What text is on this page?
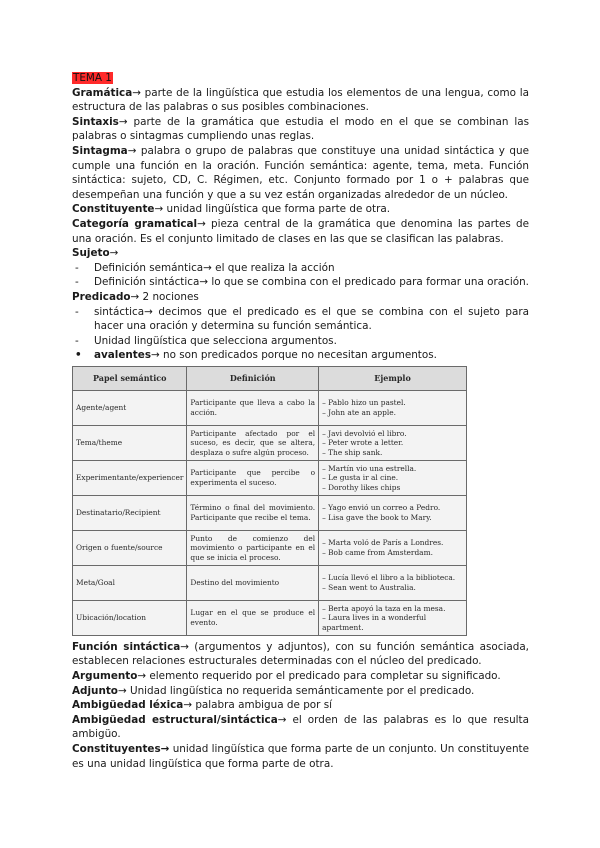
TEMA 1

Gramática→ parte de la lingüística que estudia los elementos de una lengua, como la estructura de las palabras o sus posibles combinaciones.

Sintaxis→ parte de la gramática que estudia el modo en el que se combinan las palabras o sintagmas cumpliendo unas reglas.

Sintagma→ palabra o grupo de palabras que constituye una unidad sintáctica y que cumple una función en la oración. Función semántica: agente, tema, meta. Función sintáctica: sujeto, CD, C. Régimen, etc. Conjunto formado por 1 o + palabras que desempeñan una función y que a su vez están organizadas alrededor de un núcleo.

Constituyente→ unidad lingüística que forma parte de otra.

Categoría gramatical→ pieza central de la gramática que denomina las partes de una oración. Es el conjunto limitado de clases en las que se clasifican las palabras.

Sujeto→

- Definición semántica→ el que realiza la acción
- Definición sintáctica→ lo que se combina con el predicado para formar una oración.

Predicado→ 2 nociones

- sintáctica→ decimos que el predicado es el que se combina con el sujeto para hacer una oración y determina su función semántica.
- Unidad lingüística que selecciona argumentos.
• avalentes→ no son predicados porque no necesitan argumentos.
Papel semántico	Definición	Ejemplo
Agente/agent	Participante que lleva a cabo la acción.	– Pablo hizo un pastel.
– John ate an apple.

Tema/theme	Participante afectado por el suceso, es decir, que se altera, desplaza o sufre algún proceso.	– Javi devolvió el libro.
– Peter wrote a letter.
– The ship sank.

Experimentante/experiencer	Participante que percibe o experimenta el suceso.	– Martín vio una estrella.
– Le gusta ir al cine.
– Dorothy likes chips

Destinatario/Recipient	Término o final del movimiento. Participante que recibe el tema.	– Yago envió un correo a Pedro.
– Lisa gave the book to Mary.

Origen o fuente/source	Punto de comienzo del movimiento o participante en el que se inicia el proceso.	– Marta voló de París a Londres.
– Bob came from Amsterdam.

Meta/Goal	Destino del movimiento	– Lucía llevó el libro a la biblioteca.
– Sean went to Australia.

Ubicación/location	Lugar en el que se produce el evento.	– Berta apoyó la taza en la mesa.
– Laura lives in a wonderful apartment.

Función sintáctica→ (argumentos y adjuntos), con su función semántica asociada, establecen relaciones estructurales determinadas con el núcleo del predicado.

Argumento→ elemento requerido por el predicado para completar su significado.

Adjunto→ Unidad lingüística no requerida semánticamente por el predicado.

Ambigüedad léxica→ palabra ambigua de por sí

Ambigüedad estructural/sintáctica→ el orden de las palabras es lo que resulta ambigüo.

Constituyentes→ unidad lingüística que forma parte de un conjunto. Un constituyente es una unidad lingüística que forma parte de otra.
